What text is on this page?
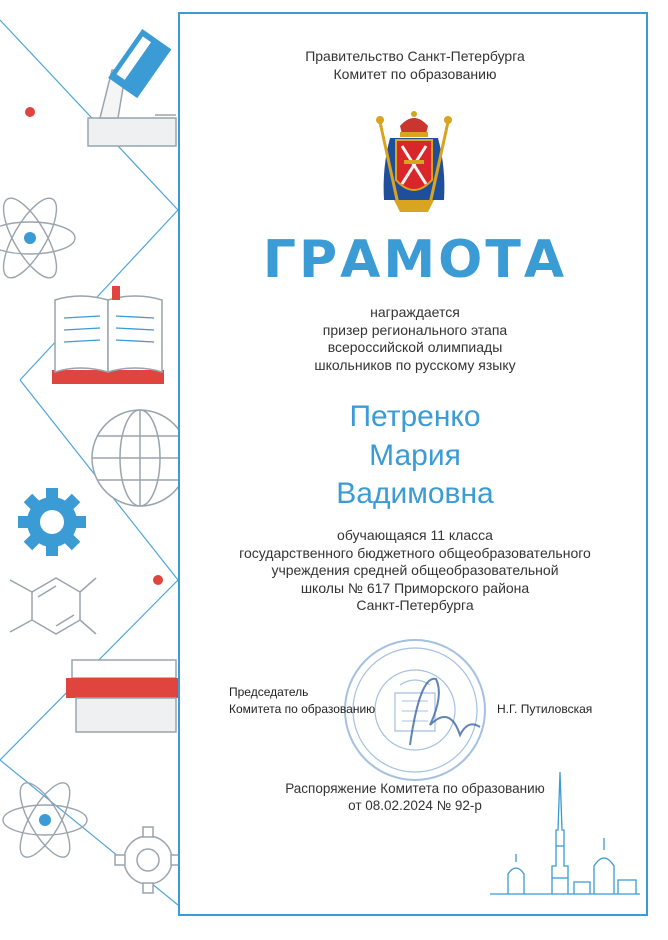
Правительство Санкт-Петербурга
Комитет по образованию
ГРАМОТА
награждается
призер регионального этапа
всероссийской олимпиады
школьников по русскому языку
Петренко
Мария
Вадимовна
обучающаяся 11 класса
государственного бюджетного общеобразовательного
учреждения средней общеобразовательной
школы № 617 Приморского района
Санкт-Петербурга
Председатель
Комитета по образованию	Н.Г. Путиловская
Распоряжение Комитета по образованию
от 08.02.2024 № 92-р
